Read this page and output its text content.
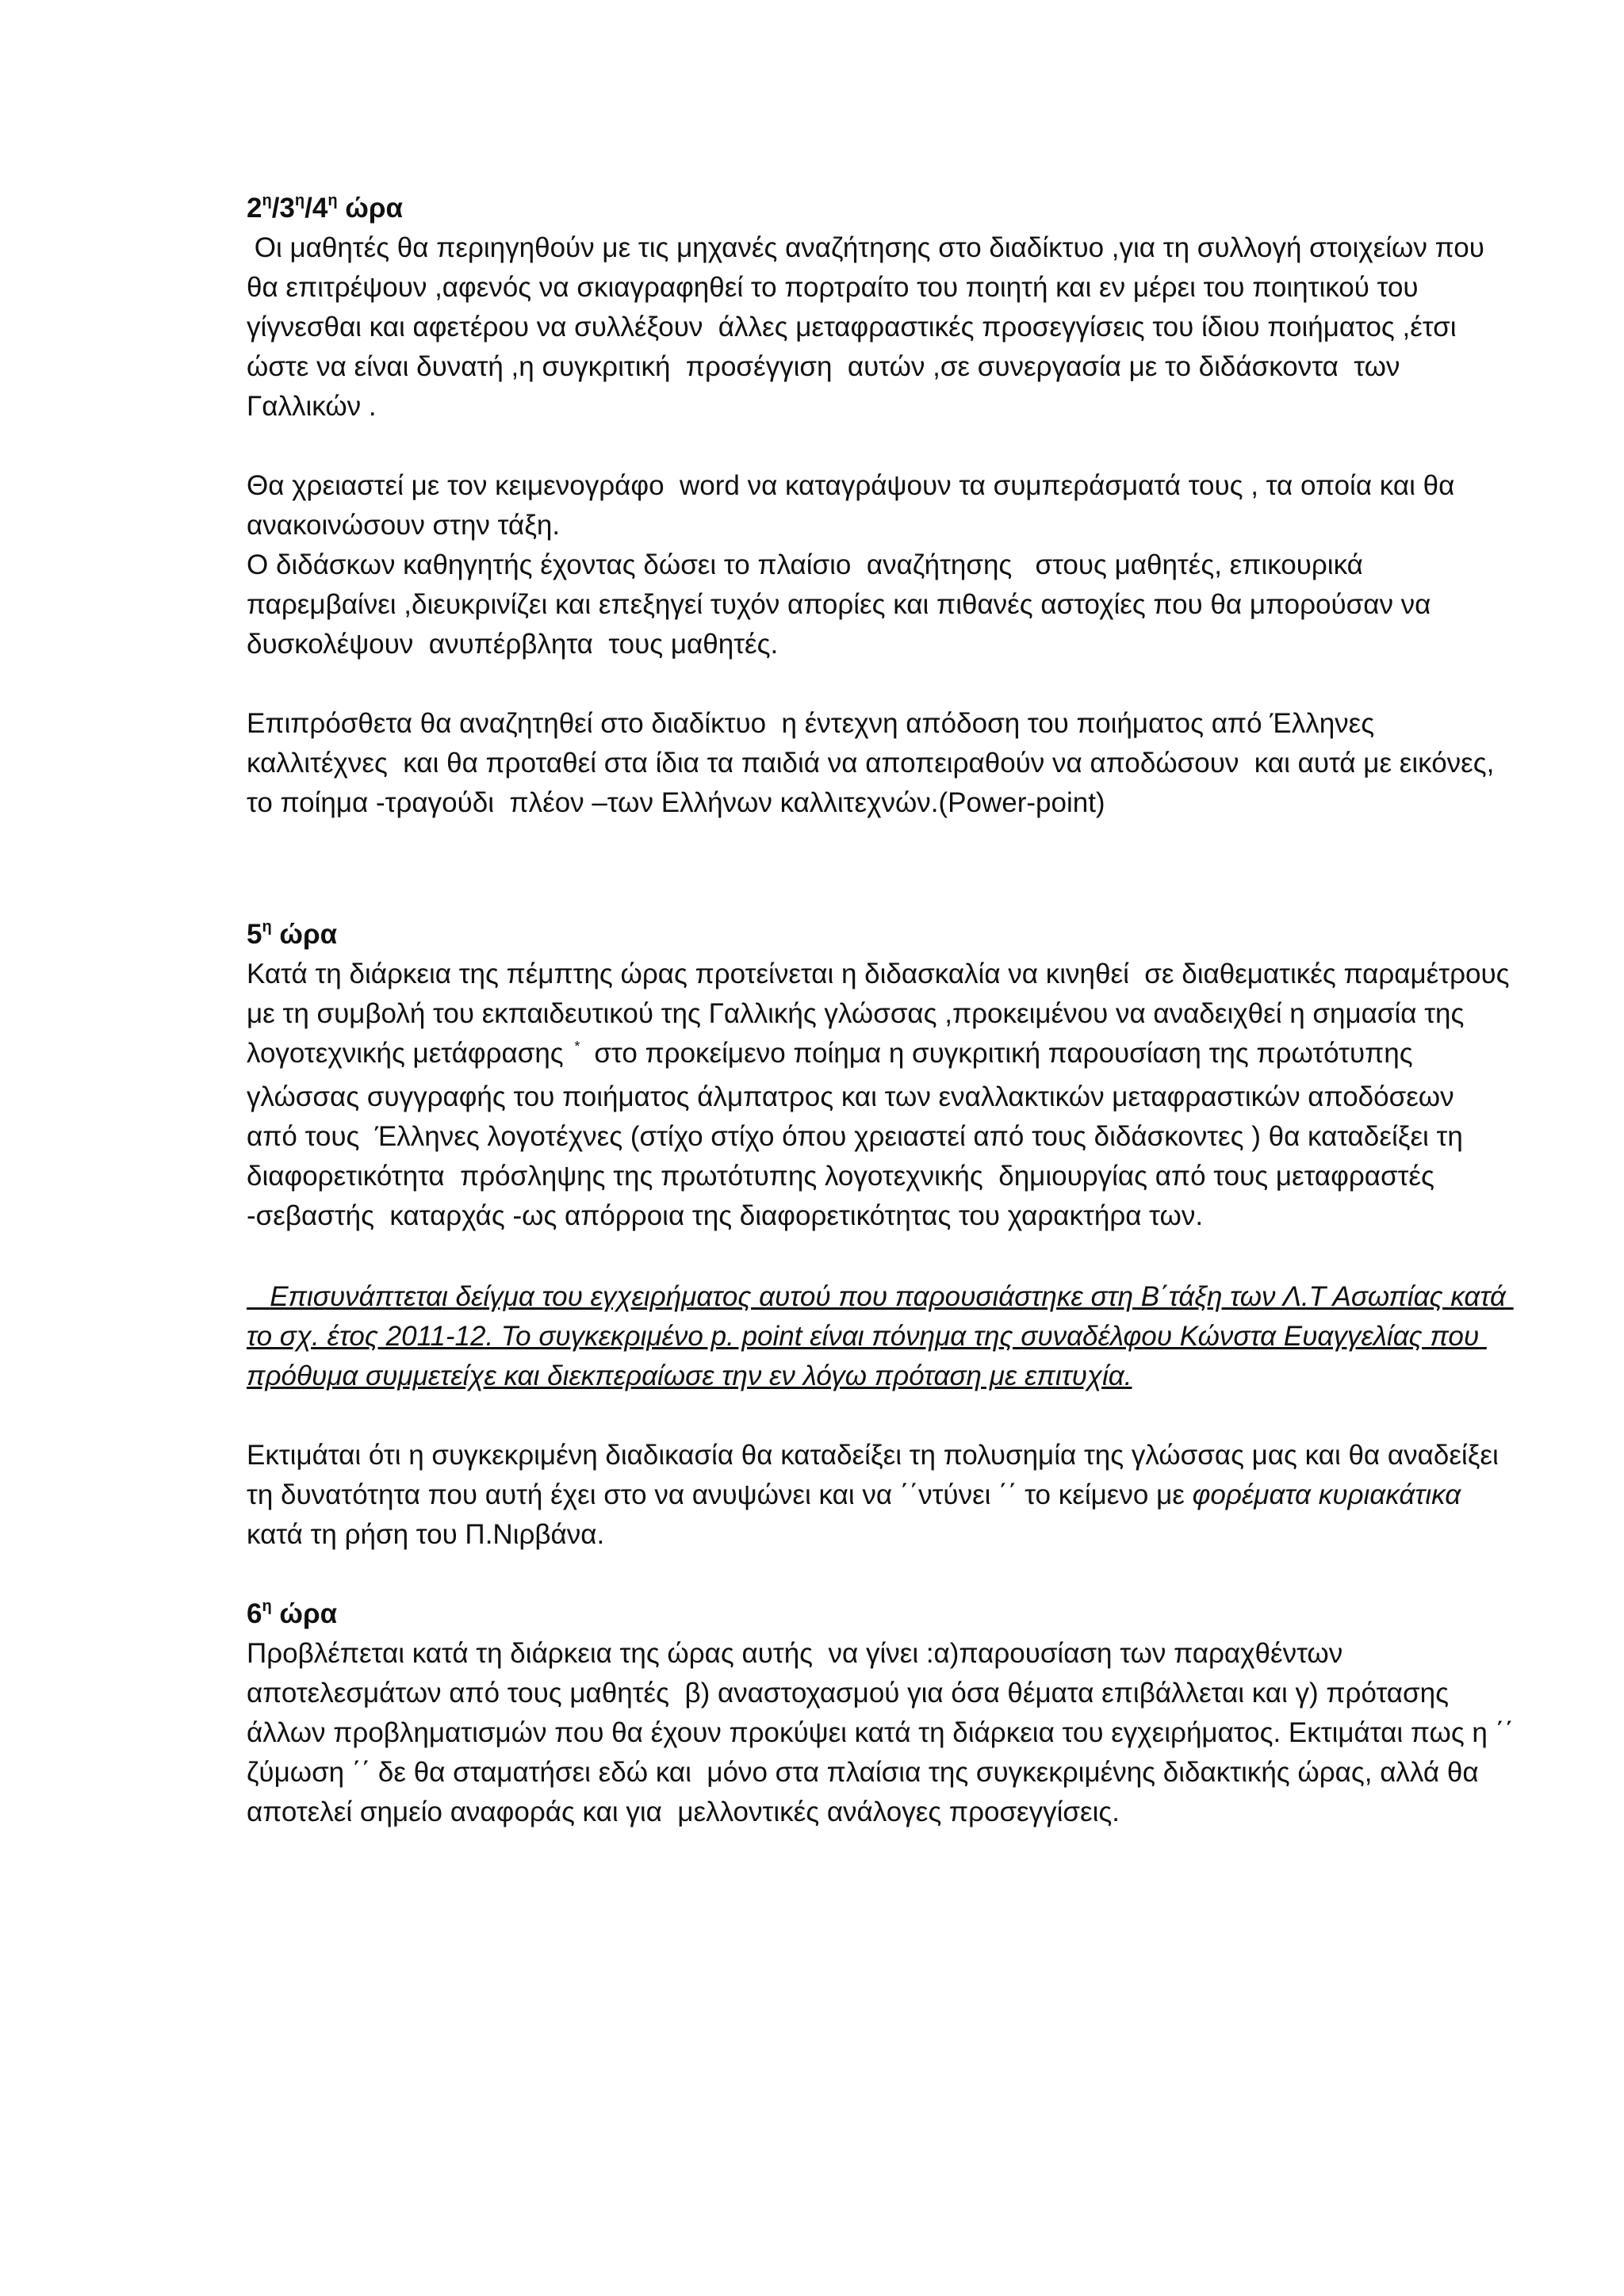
$2^\eta/3^\eta/4^\eta$ ώρα

Οι μαθητές θα περιηγηθούν με τις μηχανές αναζήτησης στο διαδίκτυο ,για τη συλλογή στοιχείων που θα επιτρέψουν ,αφενός να σκιαγραφηθεί το πορτραίτο του ποιητή και εν μέρει του ποιητικού του γίγνεσθαι και αφετέρου να συλλέξουν  άλλες μεταφραστικές προσεγγίσεις του ίδιου ποιήματος ,έτσι ώστε να είναι δυνατή ,η συγκριτική  προσέγγιση  αυτών ,σε συνεργασία με το διδάσκοντα  των Γαλλικών .

Θα χρειαστεί με τον κειμενογράφο  word να καταγράψουν τα συμπεράσματά τους , τα οποία και θα ανακοινώσουν στην τάξη.

Ο διδάσκων καθηγητής έχοντας δώσει το πλαίσιο  αναζήτησης   στους μαθητές, επικουρικά παρεμβαίνει ,διευκρινίζει και επεξηγεί τυχόν απορίες και πιθανές αστοχίες που θα μπορούσαν να δυσκολέψουν  ανυπέρβλητα  τους μαθητές.

Επιπρόσθετα θα αναζητηθεί στο διαδίκτυο  η έντεχνη απόδοση του ποιήματος από Έλληνες καλλιτέχνες  και θα προταθεί στα ίδια τα παιδιά να αποπειραθούν να αποδώσουν  και αυτά με εικόνες, το ποίημα -τραγούδι  πλέον –των Ελλήνων καλλιτεχνών.(Power-point)

$5^\eta$ ώρα

Κατά τη διάρκεια της πέμπτης ώρας προτείνεται η διδασκαλία να κινηθεί  σε διαθεματικές παραμέτρους με τη συμβολή του εκπαιδευτικού της Γαλλικής γλώσσας ,προκειμένου να αναδειχθεί η σημασία της λογοτεχνικής μετάφρασης * στο προκείμενο ποίημα η συγκριτική παρουσίαση της πρωτότυπης γλώσσας συγγραφής του ποιήματος άλμπατρος και των εναλλακτικών μεταφραστικών αποδόσεων  από τους  Έλληνες λογοτέχνες (στίχο στίχο όπου χρειαστεί από τους διδάσκοντες ) θα καταδείξει τη διαφορετικότητα  πρόσληψης της πρωτότυπης λογοτεχνικής  δημιουργίας από τους μεταφραστές   -σεβαστής  καταρχάς -ως απόρροια της διαφορετικότητας του χαρακτήρα των.

Επισυνάπτεται δείγμα του εγχειρήματος αυτού που παρουσιάστηκε στη Β΄τάξη των Λ.Τ Ασωπίας κατά το σχ. έτος 2011-12. Το συγκεκριμένο p. point είναι πόνημα της συναδέλφου Κώνστα Ευαγγελίας που πρόθυμα συμμετείχε και διεκπεραίωσε την εν λόγω πρόταση με επιτυχία.

Εκτιμάται ότι η συγκεκριμένη διαδικασία θα καταδείξει τη πολυσημία της γλώσσας μας και θα αναδείξει τη δυνατότητα που αυτή έχει στο να ανυψώνει και να ΄΄ντύνει ΄΄ το κείμενο με φορέματα κυριακάτικα κατά τη ρήση του Π.Νιρβάνα.

$6^\eta$ ώρα

Προβλέπεται κατά τη διάρκεια της ώρας αυτής  να γίνει :α)παρουσίαση των παραχθέντων αποτελεσμάτων από τους μαθητές  β) αναστοχασμού για όσα θέματα επιβάλλεται και γ) πρότασης  άλλων προβληματισμών που θα έχουν προκύψει κατά τη διάρκεια του εγχειρήματος. Εκτιμάται πως η ΄΄ ζύμωση ΄΄ δε θα σταματήσει εδώ και  μόνο στα πλαίσια της συγκεκριμένης διδακτικής ώρας, αλλά θα αποτελεί σημείο αναφοράς και για  μελλοντικές ανάλογες προσεγγίσεις.
